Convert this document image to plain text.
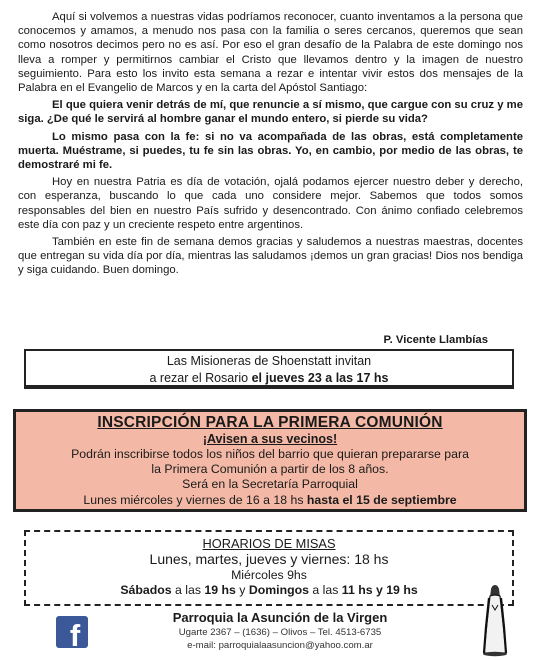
Aquí si volvemos a nuestras vidas podríamos reconocer, cuanto inventamos a la persona que conocemos y amamos, a menudo nos pasa con la familia o seres cercanos, queremos que sean como nosotros decimos pero no es así. Por eso el gran desafío de la Palabra de este domingo nos lleva a romper y permitirnos cambiar el Cristo que llevamos dentro y la imagen de nuestro seguimiento. Para esto los invito esta semana a rezar e intentar vivir estos dos mensajes de la Palabra en el Evangelio de Marcos y en la carta del Apóstol Santiago:

El que quiera venir detrás de mí, que renuncie a sí mismo, que cargue con su cruz y me siga. ¿De qué le servirá al hombre ganar el mundo entero, si pierde su vida?

Lo mismo pasa con la fe: si no va acompañada de las obras, está completamente muerta. Muéstrame, si puedes, tu fe sin las obras. Yo, en cambio, por medio de las obras, te demostraré mi fe.

Hoy en nuestra Patria es día de votación, ojalá podamos ejercer nuestro deber y derecho, con esperanza, buscando lo que cada uno considere mejor. Sabemos que todos somos responsables del bien en nuestro País sufrido y desencontrado. Con ánimo confiado celebremos este día con paz y un creciente respeto entre argentinos.

También en este fin de semana demos gracias y saludemos a nuestras maestras, docentes que entregan su vida día por día, mientras las saludamos ¡demos un gran gracias! Dios nos bendiga y siga cuidando. Buen domingo.

P. Vicente Llambías
Las Misioneras de Shoenstatt invitan
a rezar el Rosario el jueves 23 a las 17 hs
INSCRIPCIÓN PARA LA PRIMERA COMUNIÓN
¡Avisen a sus vecinos!
Podrán inscribirse todos los niños del barrio que quieran prepararse para
la Primera Comunión a partir de los 8 años.
Será en la Secretaría Parroquial
Lunes miércoles y viernes de 16 a 18 hs hasta el 15 de septiembre
HORARIOS DE MISAS
Lunes, martes, jueves y viernes: 18 hs
Miércoles 9hs
Sábados a las 19 hs y Domingos a las 11 hs y 19 hs
f
Parroquia la Asunción de la Virgen
Ugarte 2367 – (1636) – Olivos – Tel. 4513-6735
e-mail: parroquialaasuncion@yahoo.com.ar
